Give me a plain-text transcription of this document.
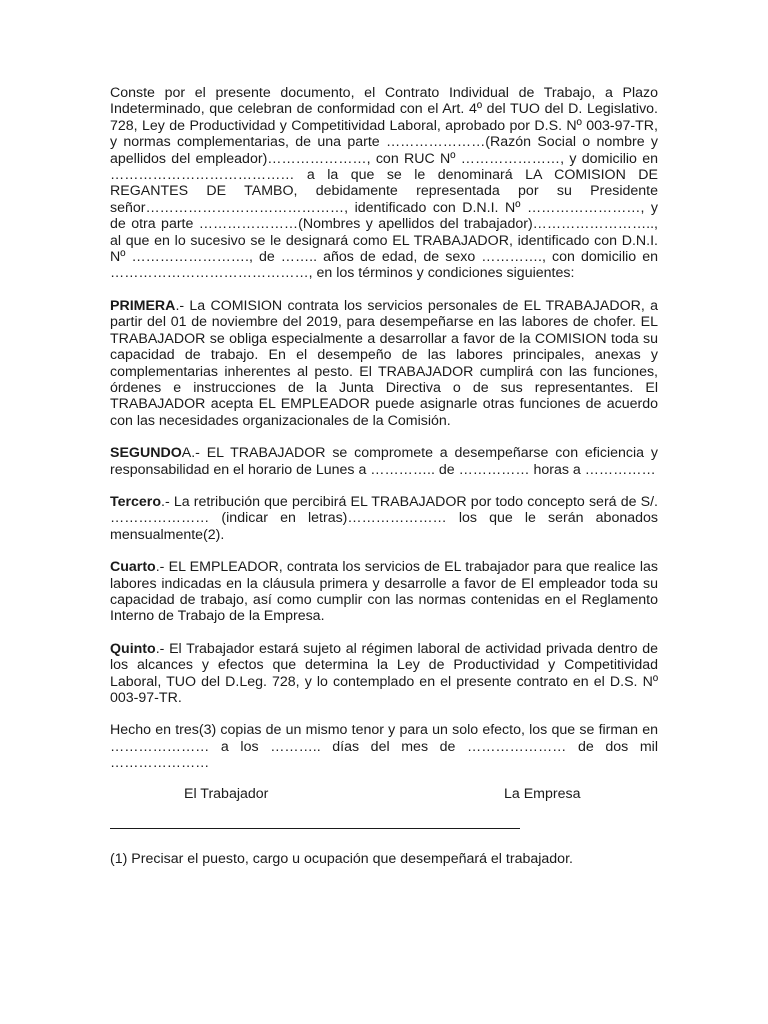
Conste por el presente documento, el Contrato Individual de Trabajo, a Plazo Indeterminado, que celebran de conformidad con el Art. 4º del TUO del D. Legislativo. 728, Ley de Productividad y Competitividad Laboral, aprobado por D.S. Nº 003-97-TR, y normas complementarias, de una parte …………………(Razón Social o nombre y apellidos del empleador)…………………, con RUC Nº …………………, y domicilio en ………………………………… a la que se le denominará LA COMISION DE REGANTES DE TAMBO, debidamente representada por su Presidente señor……………………………………, identificado con D.N.I. Nº ……………………, y de otra parte …………………(Nombres y apellidos del trabajador)…………………….., al que en lo sucesivo se le designará como EL TRABAJADOR, identificado con D.N.I. Nº ……………………., de …….. años de edad, de sexo …………., con domicilio en ……………………………………, en los términos y condiciones siguientes:

PRIMERA.- La COMISION contrata los servicios personales de EL TRABAJADOR, a partir del 01 de noviembre del 2019, para desempeñarse en las labores de chofer. EL TRABAJADOR se obliga especialmente a desarrollar a favor de la COMISION toda su capacidad de trabajo. En el desempeño de las labores principales, anexas y complementarias inherentes al pesto. El TRABAJADOR cumplirá con las funciones, órdenes e instrucciones de la Junta Directiva o de sus representantes. El TRABAJADOR acepta EL EMPLEADOR puede asignarle otras funciones de acuerdo con las necesidades organizacionales de la Comisión.

SEGUNDOA.- EL TRABAJADOR se compromete a desempeñarse con eficiencia y responsabilidad en el horario de Lunes a ………….. de …………… horas a ……………

Tercero.- La retribución que percibirá EL TRABAJADOR por todo concepto será de S/. ………………… (indicar en letras)………………… los que le serán abonados mensualmente(2).

Cuarto.- EL EMPLEADOR, contrata los servicios de EL trabajador para que realice las labores indicadas en la cláusula primera y desarrolle a favor de El empleador toda su capacidad de trabajo, así como cumplir con las normas contenidas en el Reglamento Interno de Trabajo de la Empresa.

Quinto.- El Trabajador estará sujeto al régimen laboral de actividad privada dentro de los alcances y efectos que determina la Ley de Productividad y Competitividad Laboral, TUO del D.Leg. 728, y lo contemplado en el presente contrato en el D.S. Nº 003-97-TR.

Hecho en tres(3) copias de un mismo tenor y para un solo efecto, los que se firman en ………………… a los ……….. días del mes de ………………… de dos mil …………………

El Trabajador	La Empresa

(1) Precisar el puesto, cargo u ocupación que desempeñará el trabajador.
